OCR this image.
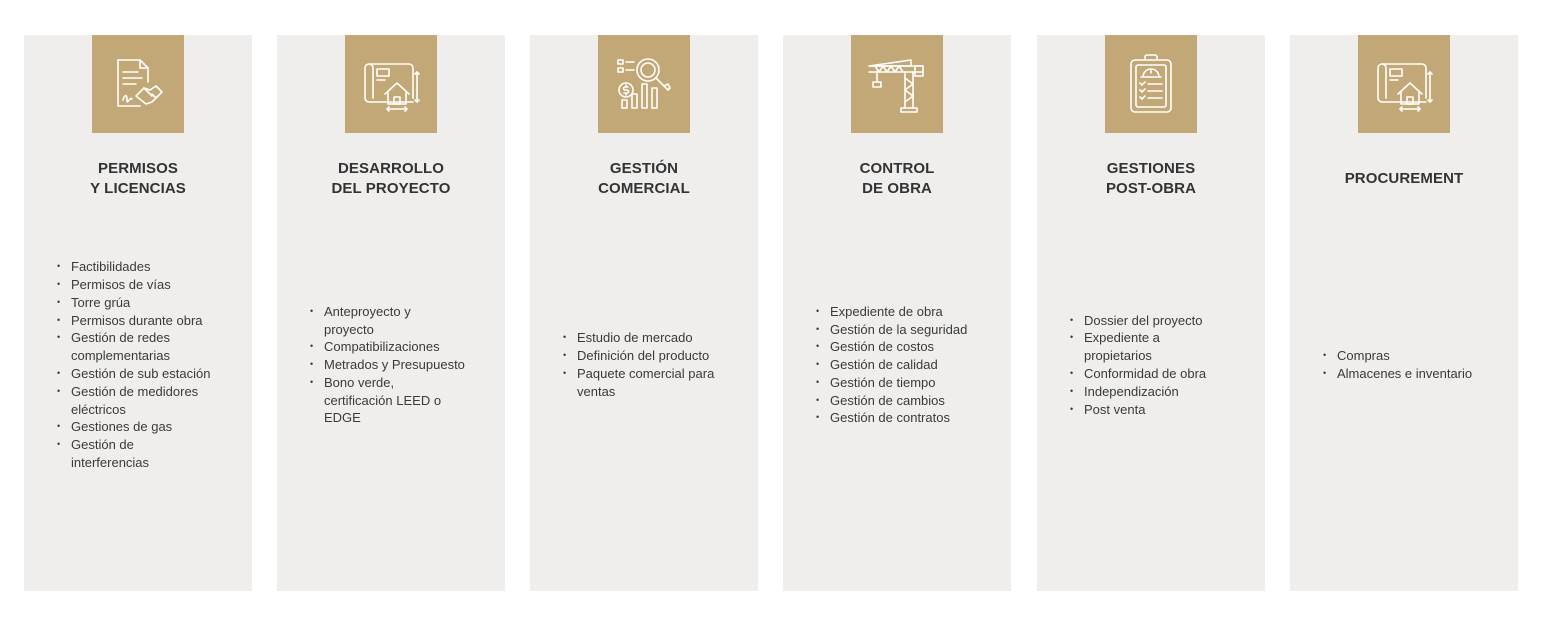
PERMISOS
Y LICENCIAS
• Factibilidades
• Permisos de vías
• Torre grúa
• Permisos durante obra
• Gestión de redes complementarias
• Gestión de sub estación
• Gestión de medidores eléctricos
• Gestiones de gas
• Gestión de interferencias
DESARROLLO
DEL PROYECTO
• Anteproyecto y proyecto
• Compatibilizaciones
• Metrados y Presupuesto
• Bono verde, certificación LEED o EDGE
GESTIÓN
COMERCIAL
• Estudio de mercado
• Definición del producto
• Paquete comercial para ventas
CONTROL
DE OBRA
• Expediente de obra
• Gestión de la seguridad
• Gestión de costos
• Gestión de calidad
• Gestión de tiempo
• Gestión de cambios
• Gestión de contratos
GESTIONES
POST-OBRA
• Dossier del proyecto
• Expediente a propietarios
• Conformidad de obra
• Independización
• Post venta
PROCUREMENT
• Compras
• Almacenes e inventario
